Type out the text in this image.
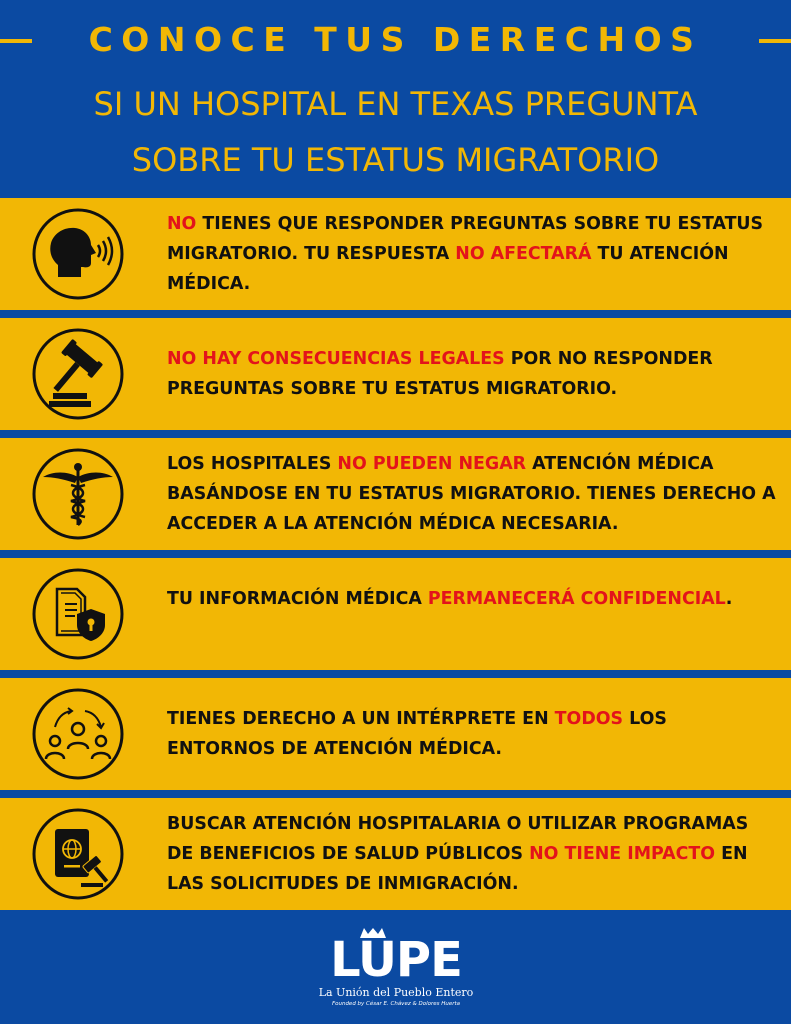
CONOCE TUS DERECHOS
SI UN HOSPITAL EN TEXAS PREGUNTA
SOBRE TU ESTATUS MIGRATORIO
NO TIENES QUE RESPONDER PREGUNTAS SOBRE TU ESTATUS MIGRATORIO. TU RESPUESTA NO AFECTARÁ TU ATENCIÓN MÉDICA.
NO HAY CONSECUENCIAS LEGALES POR NO RESPONDER PREGUNTAS SOBRE TU ESTATUS MIGRATORIO.
LOS HOSPITALES NO PUEDEN NEGAR ATENCIÓN MÉDICA BASÁNDOSE EN TU ESTATUS MIGRATORIO. TIENES DERECHO A ACCEDER A LA ATENCIÓN MÉDICA NECESARIA.
TU INFORMACIÓN MÉDICA PERMANECERÁ CONFIDENCIAL.
TIENES DERECHO A UN INTÉRPRETE EN TODOS LOS ENTORNOS DE ATENCIÓN MÉDICA.
BUSCAR ATENCIÓN HOSPITALARIA O UTILIZAR PROGRAMAS DE BENEFICIOS DE SALUD PÚBLICOS NO TIENE IMPACTO EN LAS SOLICITUDES DE INMIGRACIÓN.
LUPE
La Unión del Pueblo Entero
Founded by César E. Chávez & Dolores Huerta
